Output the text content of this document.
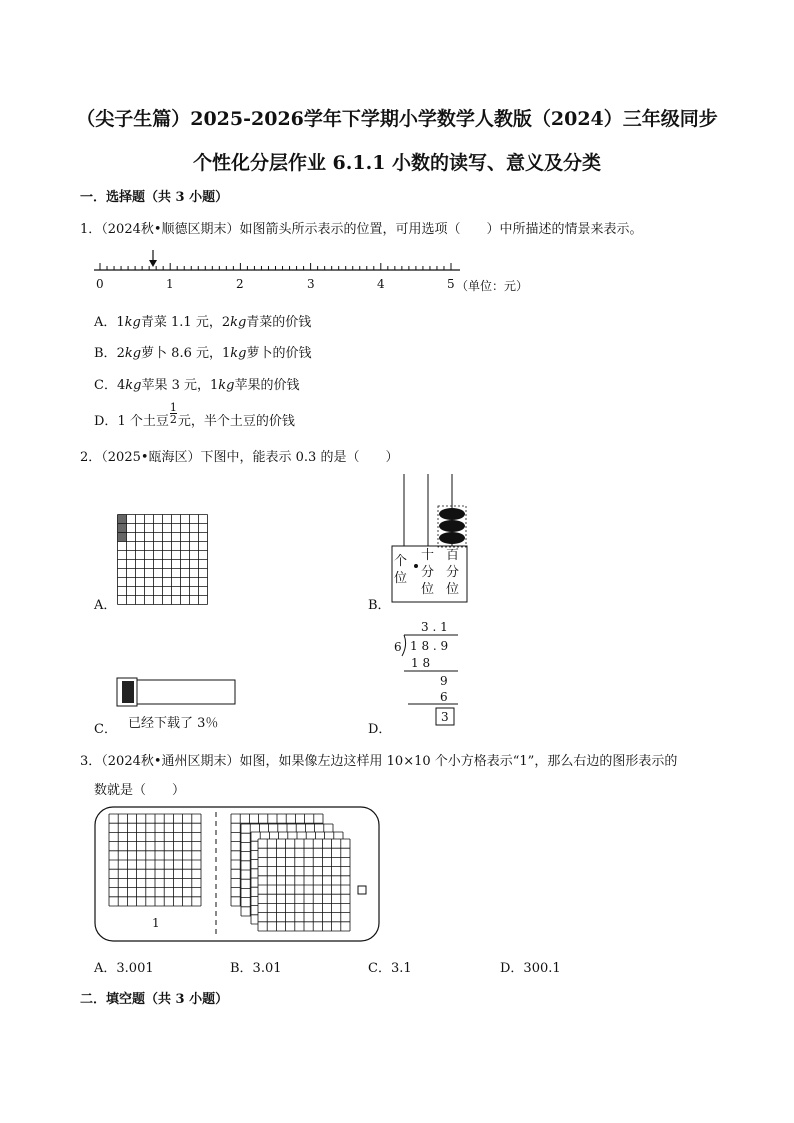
（尖子生篇）2025-2026学年下学期小学数学人教版（2024）三年级同步
个性化分层作业 6.1.1 小数的读写、意义及分类
一．选择题（共 3 小题）
1．（2024秋•顺德区期末）如图箭头所示表示的位置，可用选项（　　）中所描述的情景来表示。
0	1	2	3	4	5 （单位：元）
A．1kg青菜 1.1 元，2kg青菜的价钱
B．2kg萝卜 8.6 元，1kg萝卜的价钱
C．4kg苹果 3 元，1kg苹果的价钱
D．1 个土豆 $\frac{1}{2}$ 元，半个土豆的价钱
2．（2025•瓯海区）下图中，能表示 0.3 的是（　　）
A．	B．
个位
十分位
百分位
C． 已经下载了 3％	D．
3 . 1
6 1 8 . 9
1 8
9
6
3
3．（2024秋•通州区期末）如图，如果像左边这样用 10×10 个小方格表示“1”，那么右边的图形表示的
数就是（　　）
1
A．3.001	B．3.01	C．3.1	D．300.1
二．填空题（共 3 小题）
